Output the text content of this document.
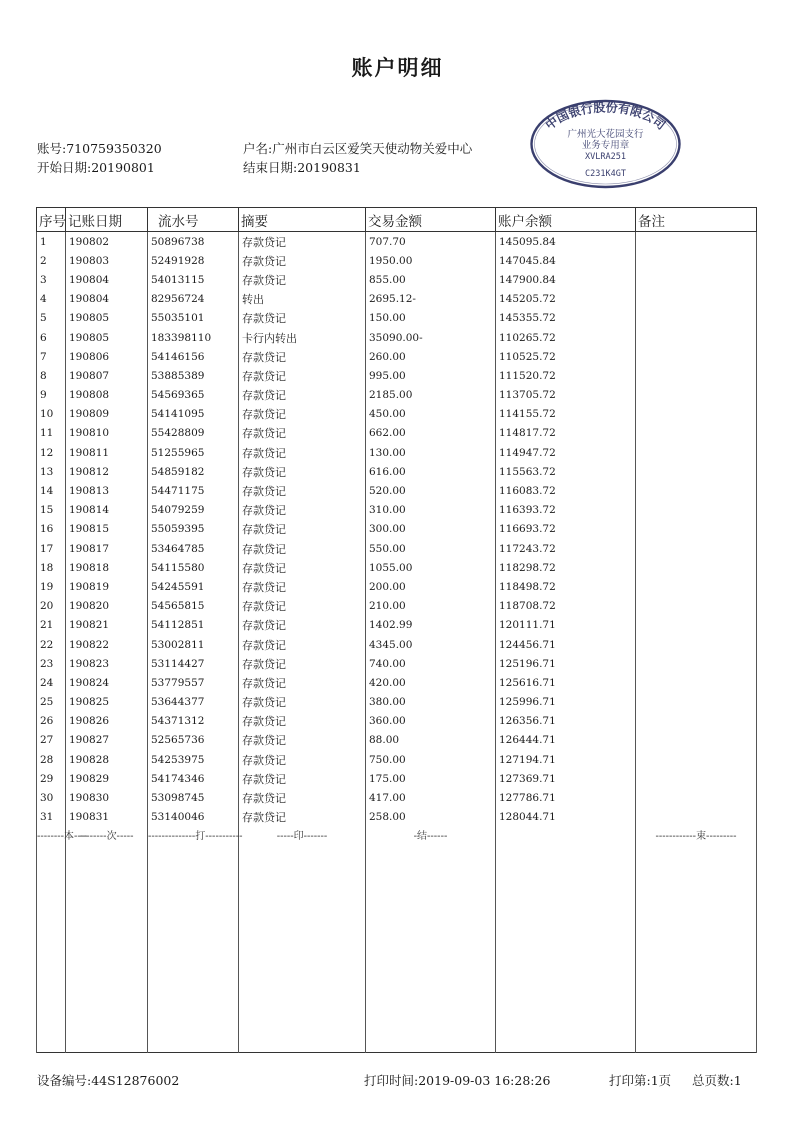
账户明细
账号:710759350320	户名:广州市白云区爱笑天使动物关爱中心
开始日期:20190801	结束日期:20190831
中国银行股份有限公司
广州光大花园支行
业务专用章
XVLRA251
C231K4GT
序号	记账日期	流水号	摘要	交易金额	账户余额	备注
1	190802	50896738	存款贷记	707.70	145095.84	
2	190803	52491928	存款贷记	1950.00	147045.84	
3	190804	54013115	存款贷记	855.00	147900.84	
4	190804	82956724	转出	2695.12-	145205.72	
5	190805	55035101	存款贷记	150.00	145355.72	
6	190805	183398110	卡行内转出	35090.00-	110265.72	
7	190806	54146156	存款贷记	260.00	110525.72	
8	190807	53885389	存款贷记	995.00	111520.72	
9	190808	54569365	存款贷记	2185.00	113705.72	
10	190809	54141095	存款贷记	450.00	114155.72	
11	190810	55428809	存款贷记	662.00	114817.72	
12	190811	51255965	存款贷记	130.00	114947.72	
13	190812	54859182	存款贷记	616.00	115563.72	
14	190813	54471175	存款贷记	520.00	116083.72	
15	190814	54079259	存款贷记	310.00	116393.72	
16	190815	55059395	存款贷记	300.00	116693.72	
17	190817	53464785	存款贷记	550.00	117243.72	
18	190818	54115580	存款贷记	1055.00	118298.72	
19	190819	54245591	存款贷记	200.00	118498.72	
20	190820	54565815	存款贷记	210.00	118708.72	
21	190821	54112851	存款贷记	1402.99	120111.71	
22	190822	53002811	存款贷记	4345.00	124456.71	
23	190823	53114427	存款贷记	740.00	125196.71	
24	190824	53779557	存款贷记	420.00	125616.71	
25	190825	53644377	存款贷记	380.00	125996.71	
26	190826	54371312	存款贷记	360.00	126356.71	
27	190827	52565736	存款贷记	88.00	126444.71	
28	190828	54253975	存款贷记	750.00	127194.71	
29	190829	54174346	存款贷记	175.00	127369.71	
30	190830	53098745	存款贷记	417.00	127786.71	
31	190831	53140046	存款贷记	258.00	128044.71	
--------本----	--------次-----	--------------打-----------	-----印-------	-结------		------------束---------

设备编号:44S12876002	打印时间:2019-09-03 16:28:26	打印第:1页 总页数:1
